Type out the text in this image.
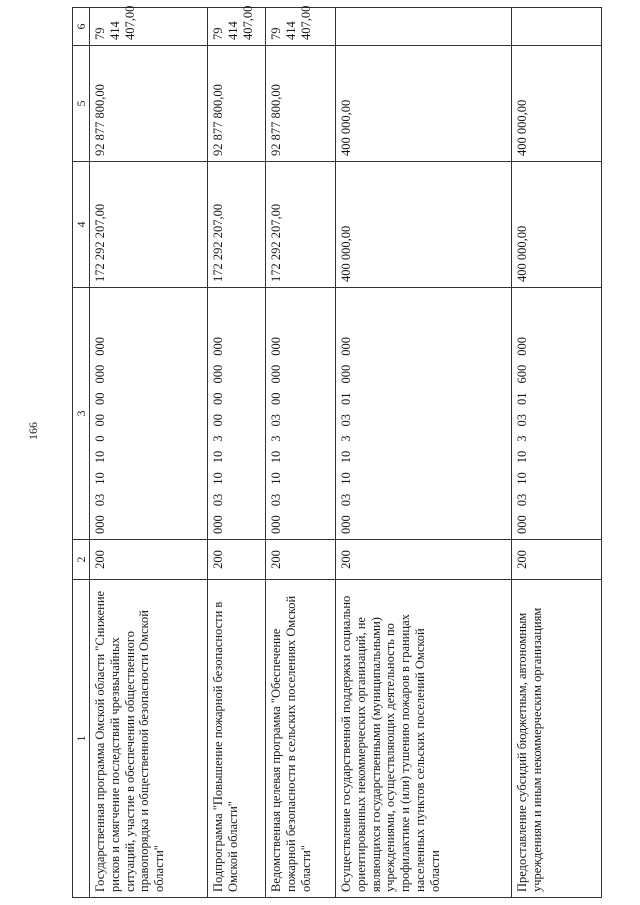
166
1	2	3	4	5	6
Государственная программа Омской области "Снижение рисков и смягчение последствий чрезвычайных ситуаций, участие в обеспечении общественного правопорядка и общественной безопасности Омской области"	200	00003101000000000000	172 292 207,00	92 877 800,00	79 414 407,00
Подпрограмма "Повышение пожарной безопасности в Омской области"	200	00003101030000000000	172 292 207,00	92 877 800,00	79 414 407,00
Ведомственная целевая программа "Обеспечение пожарной безопасности в сельских поселениях Омской области"	200	00003101030300000000	172 292 207,00	92 877 800,00	79 414 407,00
Осуществление государственной поддержки социально ориентированных некоммерческих организаций, не являющихся государственными (муниципальными) учреждениями, осуществляющих деятельность по профилактике и (или) тушению пожаров в границах населенных пунктов сельских поселений Омской области	200	00003101030301000000	400 000,00	400 000,00	
Предоставление субсидий бюджетным, автономным учреждениям и иным некоммерческим организациям	200	00003101030301600000	400 000,00	400 000,00	
